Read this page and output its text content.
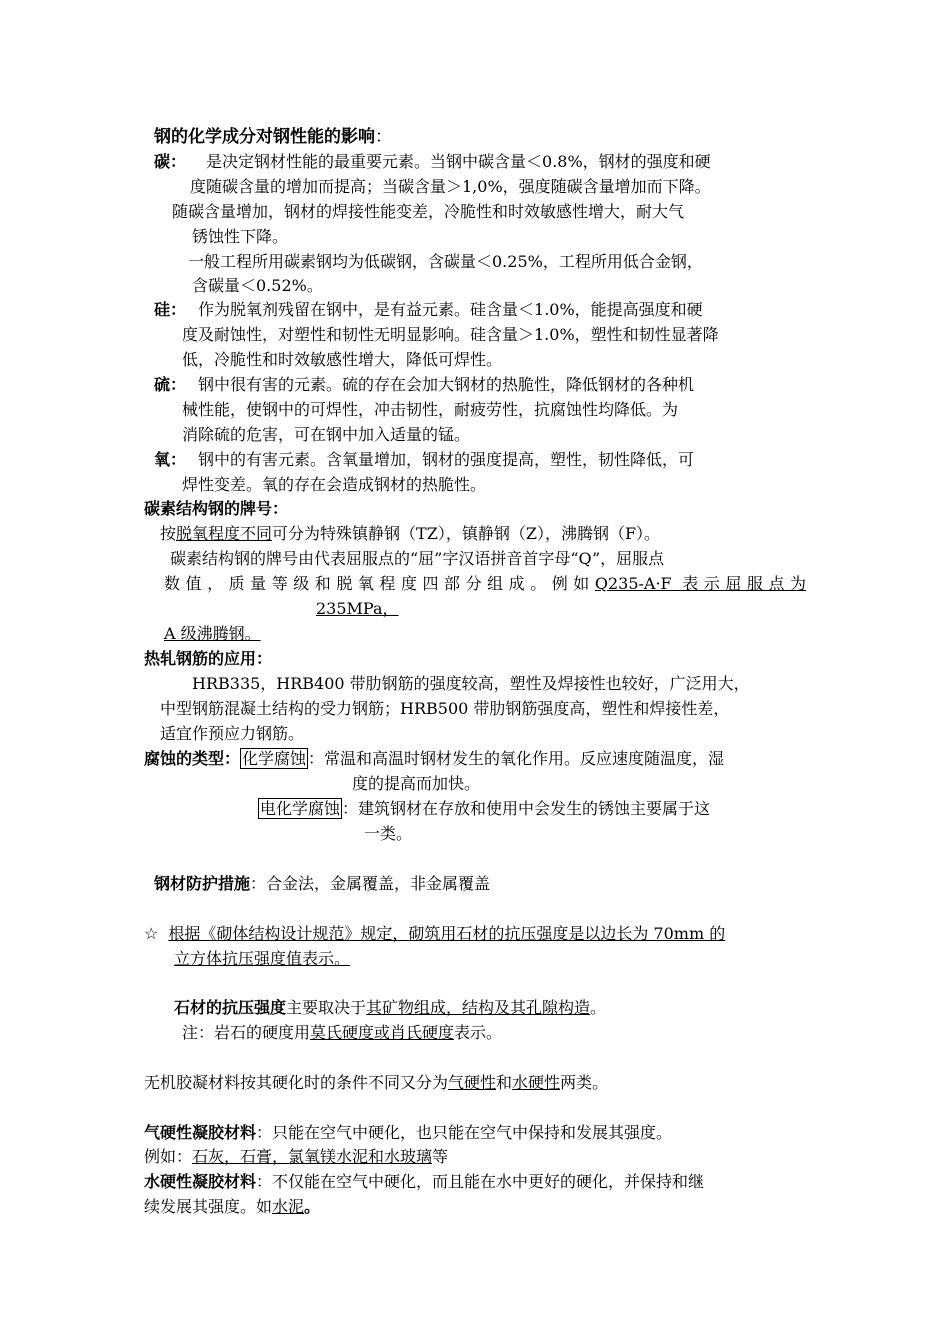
钢的化学成分对钢性能的影响：
碳： 是决定钢材性能的最重要元素。当钢中碳含量＜0.8%，钢材的强度和硬
度随碳含量的增加而提高；当碳含量＞1,0%，强度随碳含量增加而下降。
随碳含量增加，钢材的焊接性能变差，冷脆性和时效敏感性增大，耐大气
锈蚀性下降。
一般工程所用碳素钢均为低碳钢，含碳量＜0.25%，工程所用低合金钢，
含碳量＜0.52%。
硅： 作为脱氧剂残留在钢中，是有益元素。硅含量＜1.0%，能提高强度和硬
度及耐蚀性，对塑性和韧性无明显影响。硅含量＞1.0%，塑性和韧性显著降
低，冷脆性和时效敏感性增大，降低可焊性。
硫： 钢中很有害的元素。硫的存在会加大钢材的热脆性，降低钢材的各种机
械性能，使钢中的可焊性，冲击韧性，耐疲劳性，抗腐蚀性均降低。为
消除硫的危害，可在钢中加入适量的锰。
氧： 钢中的有害元素。含氧量增加，钢材的强度提高，塑性，韧性降低，可
焊性变差。氧的存在会造成钢材的热脆性。
碳素结构钢的牌号：
按脱氧程度不同可分为特殊镇静钢（TZ），镇静钢（Z），沸腾钢（F）。
碳素结构钢的牌号由代表屈服点的“屈”字汉语拼音首字母“Q”，屈服点
数值，质量等级和脱氧程度四部分组成。例如Q235-A·F 表示屈服点为
235MPa，
A 级沸腾钢。
热轧钢筋的应用：
HRB335，HRB400 带肋钢筋的强度较高，塑性及焊接性也较好，广泛用大，
中型钢筋混凝土结构的受力钢筋；HRB500 带肋钢筋强度高，塑性和焊接性差，
适宜作预应力钢筋。
腐蚀的类型： 化学腐蚀 ：常温和高温时钢材发生的氧化作用。反应速度随温度，湿
度的提高而加快。
电化学腐蚀 ：建筑钢材在存放和使用中会发生的锈蚀主要属于这
一类。
钢材防护措施：合金法，金属覆盖，非金属覆盖
☆ 根据《砌体结构设计规范》规定，砌筑用石材的抗压强度是以边长为 70mm 的
立方体抗压强度值表示。
石材的抗压强度主要取决于其矿物组成，结构及其孔隙构造。
注：岩石的硬度用莫氏硬度或肖氏硬度表示。
无机胶凝材料按其硬化时的条件不同又分为气硬性和水硬性两类。
气硬性凝胶材料：只能在空气中硬化，也只能在空气中保持和发展其强度。
例如：石灰，石膏，氯氧镁水泥和水玻璃等
水硬性凝胶材料：不仅能在空气中硬化，而且能在水中更好的硬化，并保持和继
续发展其强度。如水泥。
